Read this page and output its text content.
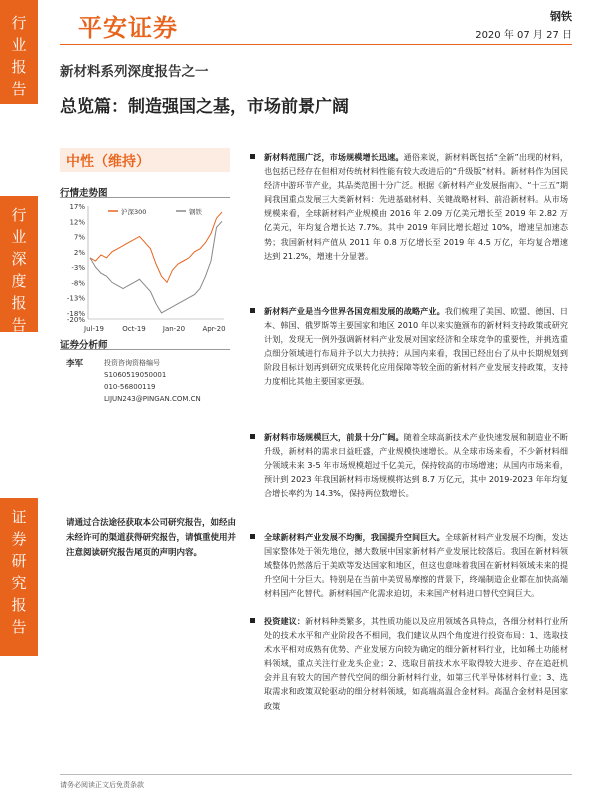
行
业
报
告
行
业
深
度
报
告
证
券
研
究
报
告
平安证券	钢铁
2020 年 07 月 27 日
新材料系列深度报告之一
总览篇：制造强国之基，市场前景广阔
中性（维持）
行情走势图
17%
12%
7%
2%
-3%
-8%
-13%
-18%
-20%
Jul-19	Oct-19 Jan-20 Apr-20
沪深300	钢铁
证券分析师
李军	投资咨询资格编号
S1060519050001
010-56800119
LIJUN243@PINGAN.COM.CN
请通过合法途径获取本公司研究报告，如经由未经许可的渠道获得研究报告，请慎重使用并注意阅读研究报告尾页的声明内容。
新材料范围广泛，市场规模增长迅速。通俗来说，新材料既包括“全新”出现的材料，也包括已经存在但相对传统材料性能有较大改进后的“升级版”材料。新材料作为国民经济中游环节产业，其品类范围十分广泛。根据《新材料产业发展指南》、“十三五”期间我国重点发展三大类新材料：先进基础材料、关键战略材料、前沿新材料。从市场规模来看，全球新材料产业规模由 2016 年 2.09 万亿美元增长至 2019 年 2.82 万亿美元，年均复合增长达 7.7%。其中 2019 年同比增长超过 10%，增速呈加速态势；我国新材料产值从 2011 年 0.8 万亿增长至 2019 年 4.5 万亿，年均复合增速达到 21.2%，增速十分显著。
新材料产业是当今世界各国竞相发展的战略产业。我们梳理了美国、欧盟、德国、日本、韩国、俄罗斯等主要国家和地区 2010 年以来实施颁布的新材料支持政策或研究计划，发现无一例外强调新材料产业发展对国家经济和全球竞争的重要性，并挑选重点细分领域进行布局并予以大力扶持；从国内来看，我国已经出台了从中长期规划到阶段目标计划再到研究成果转化应用保障等较全面的新材料产业发展支持政策，支持力度相比其他主要国家更强。
新材料市场规模巨大，前景十分广阔。随着全球高新技术产业快速发展和制造业不断升级，新材料的需求日益旺盛，产业规模快速增长。从全球市场来看，不少新材料细分领域未来 3-5 年市场规模超过千亿美元，保持较高的市场增速；从国内市场来看，预计到 2023 年我国新材料市场规模将达到 8.7 万亿元，其中 2019-2023 年年均复合增长率约为 14.3%，保持两位数增长。
全球新材料产业发展不均衡，我国提升空间巨大。全球新材料产业发展不均衡，发达国家整体处于领先地位，撼大数展中国家新材料产业发展比较落后。我国在新材料领域整体仍然落后于美欧等发达国家和地区，但这也意味着我国在新材料领域未来的提升空间十分巨大。特别是在当前中美贸易摩擦的背景下，终端制造企业都在加快高端材料国产化替代。新材料国产化需求迫切，未来国产材料进口替代空间巨大。
投资建议：新材料种类繁多，其性质功能以及应用领域各具特点，各细分材料行业所处的技术水平和产业阶段各不相同，我们建议从四个角度进行投资布局：1、选取技术水平相对成熟有优势、产业发展方向较为确定的细分新材料行业，比如稀土功能材料领域，重点关注行业龙头企业；2、选取目前技术水平取得较大进步、存在追赶机会并且有较大的国产替代空间的细分新材料行业，如第三代半导体材料行业；3、选取需求和政策双轮驱动的细分材料领域，如高端高温合金材料。高温合金材料是国家政策
请务必阅读正文后免责条款
